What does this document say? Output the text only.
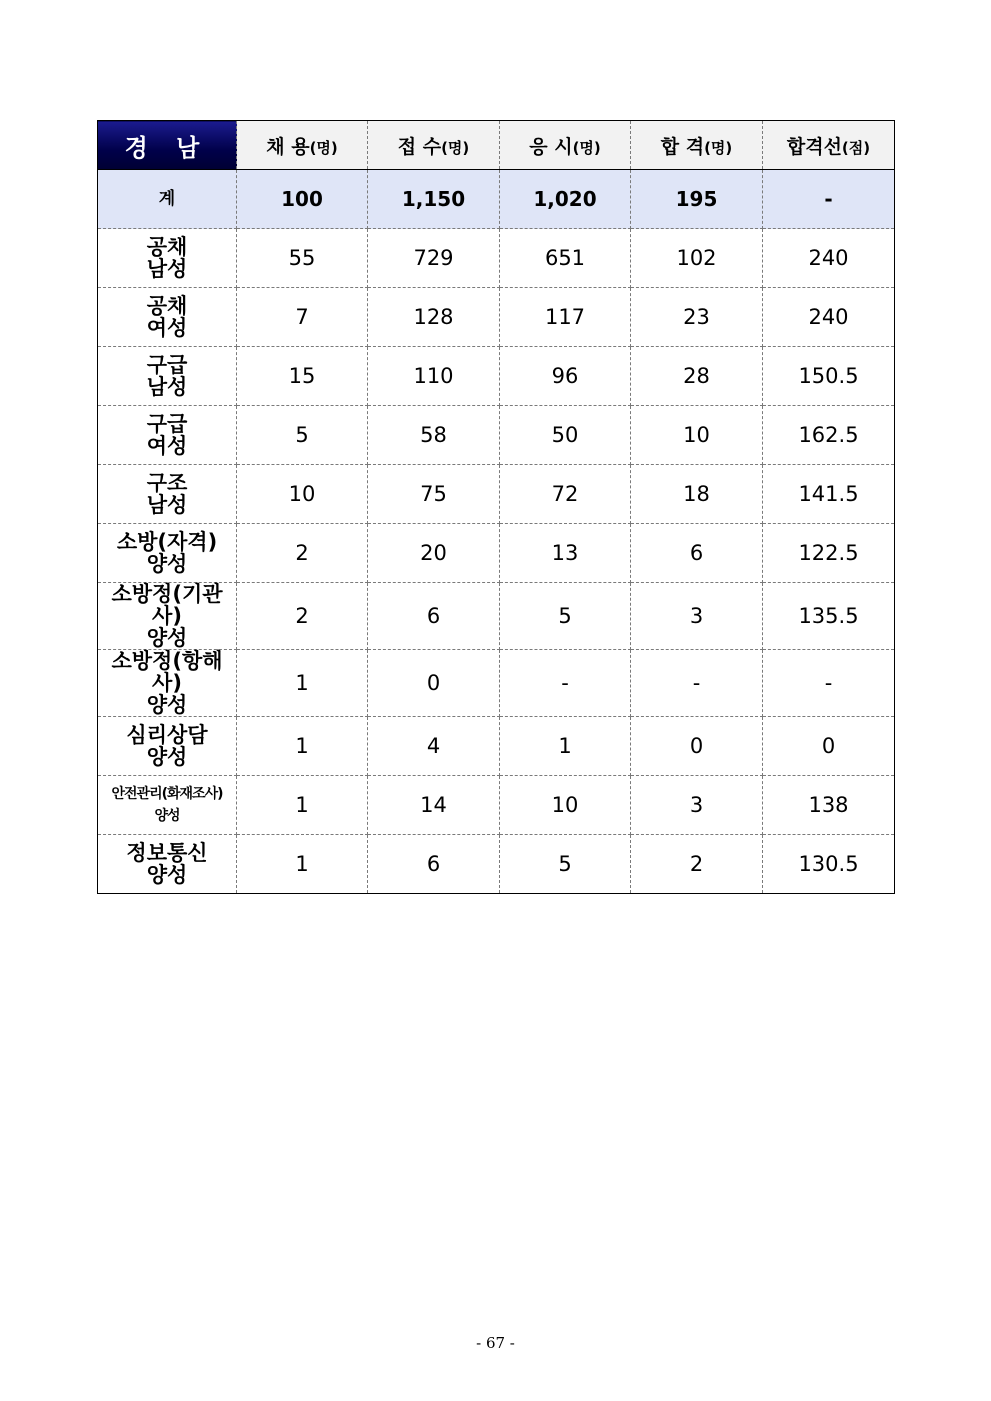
경 남	채 용(명)	접 수(명)	응 시(명)	합 격(명)	합격선(점)
계	100	1,150	1,020	195	-

공채
남성	55	729	651	102	240

공채
여성	7	128	117	23	240

구급
남성	15	110	96	28	150.5

구급
여성	5	58	50	10	162.5

구조
남성	10	75	72	18	141.5

소방(자격)
양성	2	20	13	6	122.5

소방정(기관사)
양성	2	6	5	3	135.5

소방정(항해사)
양성	1	0	-	-	-

심리상담
양성	1	4	1	0	0

안전관리(화재조사)
양성	1	14	10	3	138

정보통신
양성	1	6	5	2	130.5
- 67 -
